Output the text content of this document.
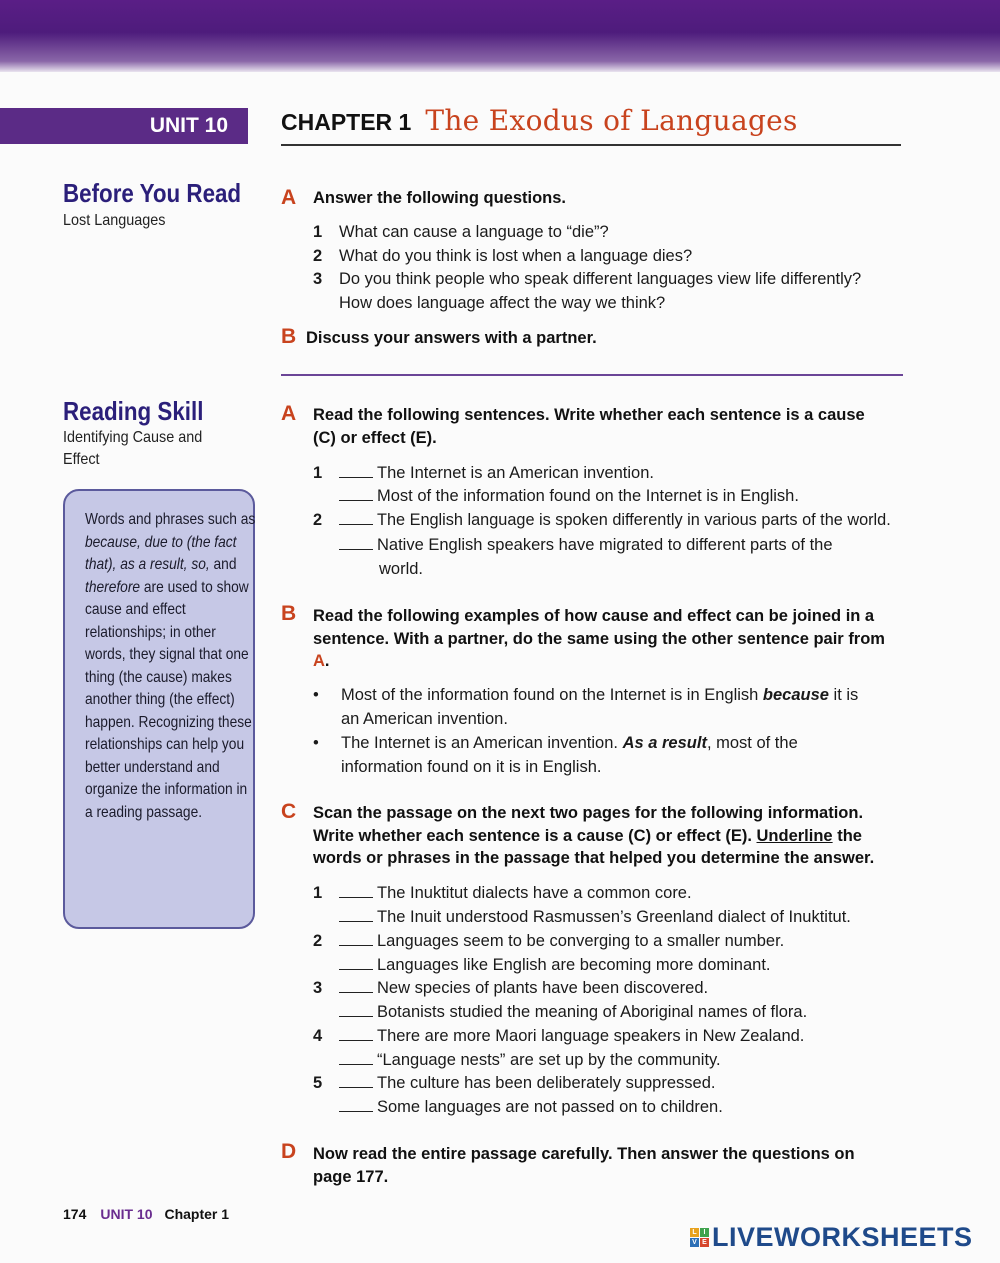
UNIT 10 CHAPTER 1 The Exodus of Languages
Before You Read
Lost Languages
Reading Skill
Identifying Cause and Effect
Words and phrases such as because, due to (the fact that), as a result, so, and therefore are used to show cause and effect relationships; in other words, they signal that one thing (the cause) makes another thing (the effect) happen. Recognizing these relationships can help you better understand and organize the information in a reading passage.
A Answer the following questions.
1 What can cause a language to “die”?
2 What do you think is lost when a language dies?
3 Do you think people who speak different languages view life differently?
How does language affect the way we think?
B Discuss your answers with a partner.
A Read the following sentences. Write whether each sentence is a cause (C) or effect (E).
1	The Internet is an American invention.
Most of the information found on the Internet is in English.
2	The English language is spoken differently in various parts of the world.
Native English speakers have migrated to different parts of the
world.
B Read the following examples of how cause and effect can be joined in a sentence. With a partner, do the same using the other sentence pair from A.
• Most of the information found on the Internet is in English because it is
an American invention.
• The Internet is an American invention. As a result, most of the
information found on it is in English.
C Scan the passage on the next two pages for the following information. Write whether each sentence is a cause (C) or effect (E). Underline the words or phrases in the passage that helped you determine the answer.
1	The Inuktitut dialects have a common core.
The Inuit understood Rasmussen’s Greenland dialect of Inuktitut.
2	Languages seem to be converging to a smaller number.
Languages like English are becoming more dominant.
3	New species of plants have been discovered.
Botanists studied the meaning of Aboriginal names of flora.
4	There are more Maori language speakers in New Zealand.
“Language nests” are set up by the community.
5	The culture has been deliberately suppressed.
Some languages are not passed on to children.
D Now read the entire passage carefully. Then answer the questions on page 177.
174 UNIT 10 Chapter 1
L I
V E LIVEWORKSHEETS
